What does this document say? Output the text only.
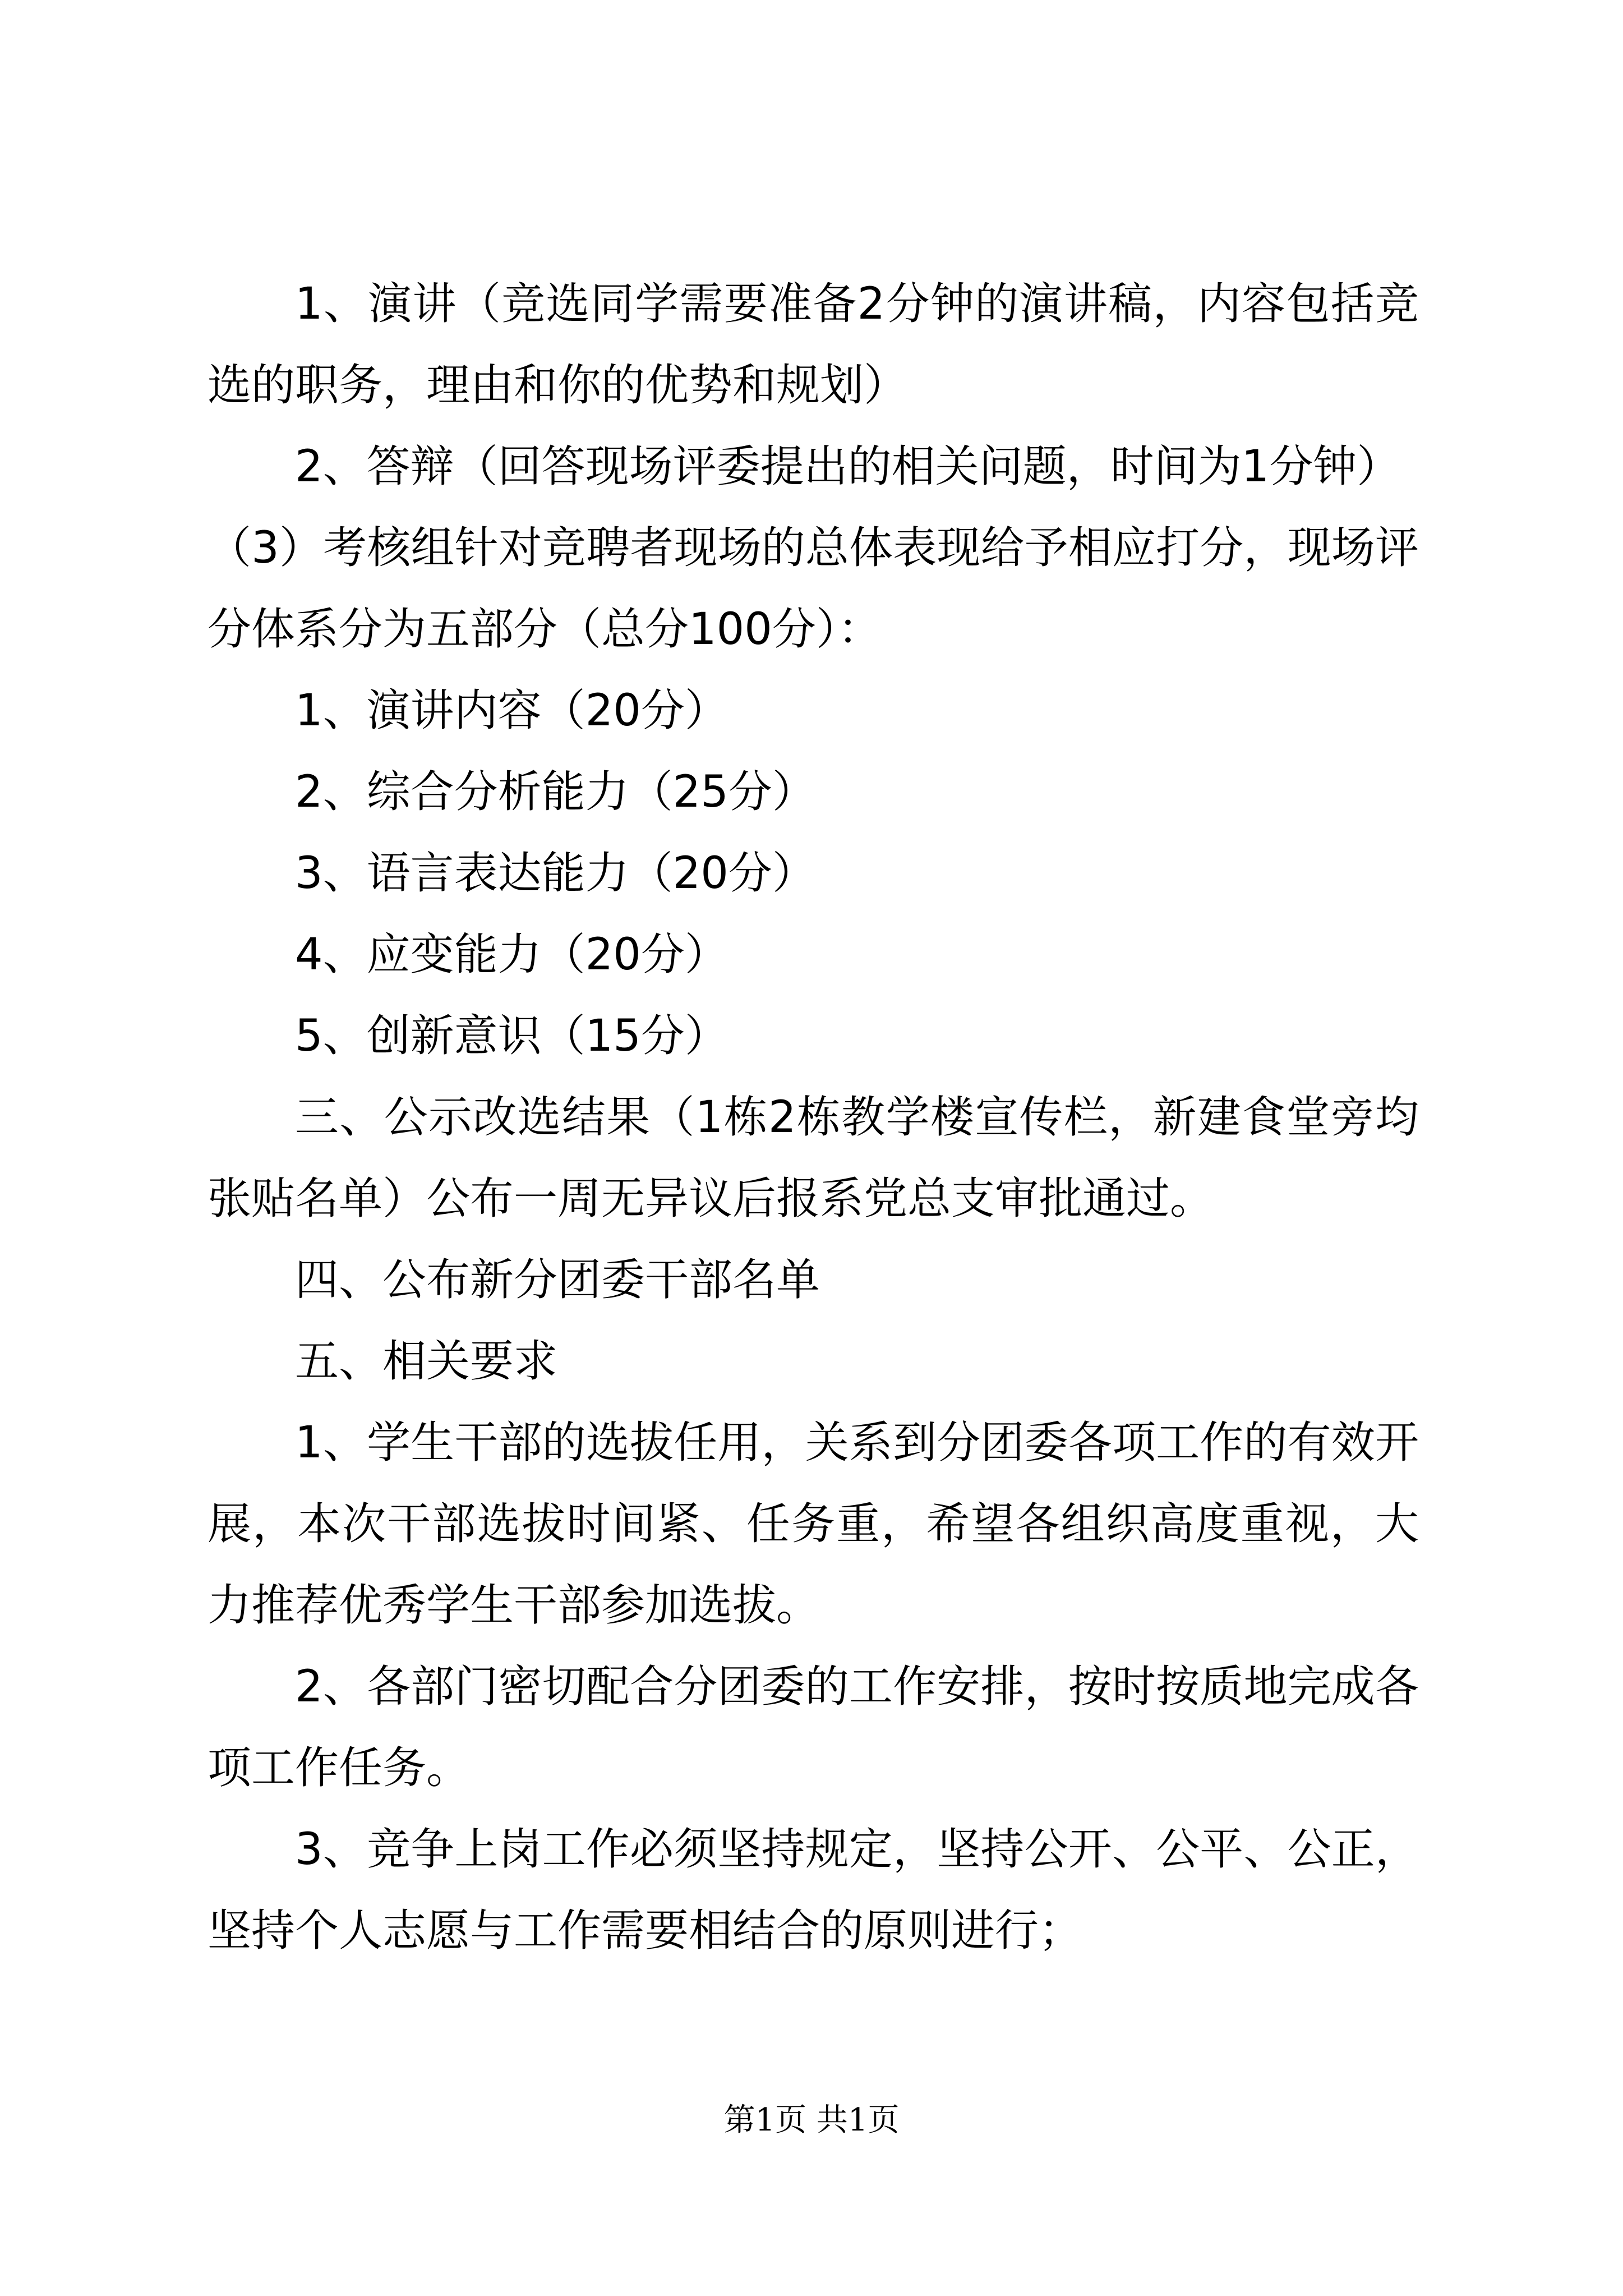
1、演讲（竞选同学需要准备2分钟的演讲稿，内容包括竞选的职务，理由和你的优势和规划）

2、答辩（回答现场评委提出的相关问题，时间为1分钟）

（3）考核组针对竞聘者现场的总体表现给予相应打分，现场评分体系分为五部分（总分100分）：

1、演讲内容（20分）

2、综合分析能力（25分）

3、语言表达能力（20分）

4、应变能力（20分）

5、创新意识（15分）

三、公示改选结果（1栋2栋教学楼宣传栏，新建食堂旁均张贴名单）公布一周无异议后报系党总支审批通过。

四、公布新分团委干部名单

五、相关要求

1、学生干部的选拔任用，关系到分团委各项工作的有效开展，本次干部选拔时间紧、任务重，希望各组织高度重视，大力推荐优秀学生干部参加选拔。

2、各部门密切配合分团委的工作安排，按时按质地完成各项工作任务。

3、竞争上岗工作必须坚持规定，坚持公开、公平、公正，坚持个人志愿与工作需要相结合的原则进行；

第1页 共1页
